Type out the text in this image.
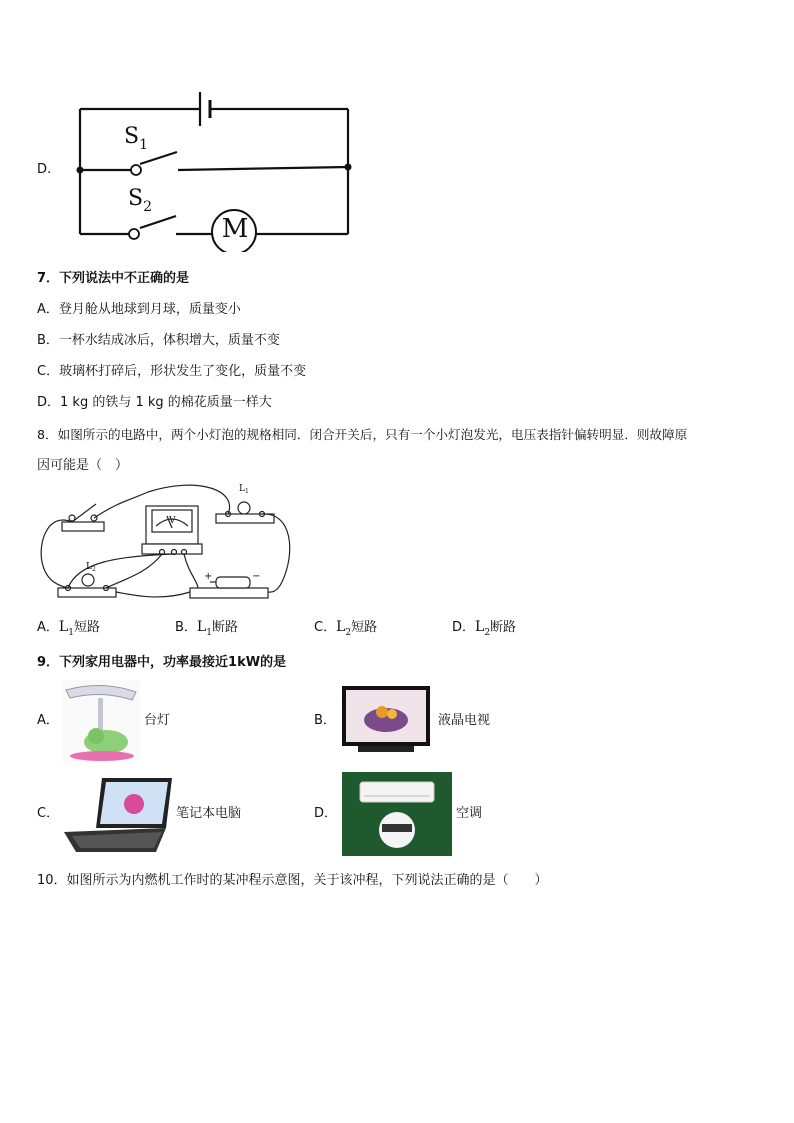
D.
$S_1$
$S_2$
M
7．下列说法中不正确的是
A．登月舱从地球到月球，质量变小
B．一杯水结成冰后，体积增大，质量不变
C．玻璃杯打碎后，形状发生了变化，质量不变
D．1 kg 的铁与 1 kg 的棉花质量一样大
8．如图所示的电路中，两个小灯泡的规格相同．闭合开关后，只有一个小灯泡发光，电压表指针偏转明显．则故障原
因可能是（　）
$L_1$
$L_2$
V
+	−
A．$L_1$短路	B．$L_1$断路	C．$L_2$短路	D．$L_2$断路
9．下列家用电器中，功率最接近1kW的是
A．	台灯	B．	液晶电视
C．	笔记本电脑	D．	空调
10．如图所示为内燃机工作时的某冲程示意图，关于该冲程，下列说法正确的是（　　）
